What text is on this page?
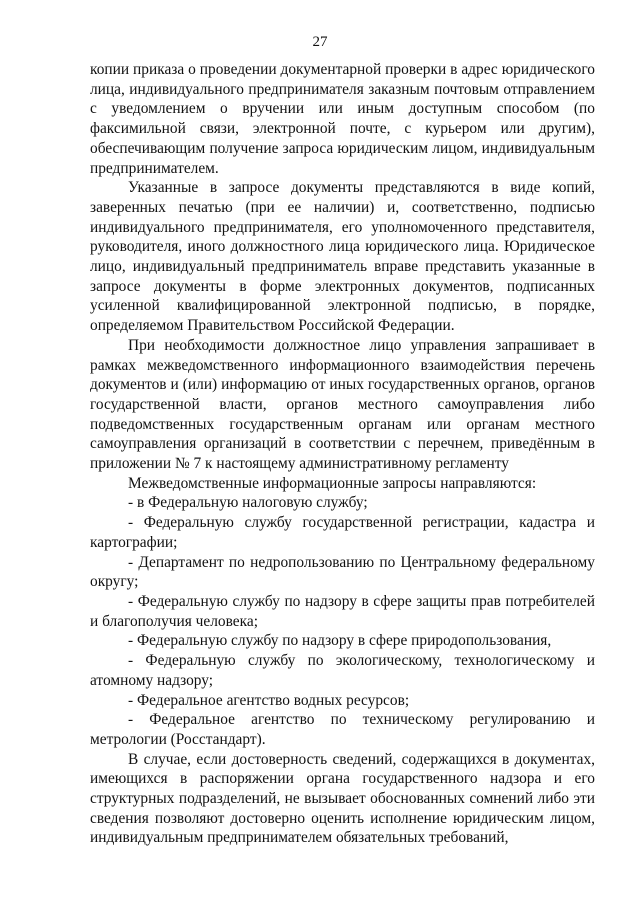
27

копии приказа о проведении документарной проверки в адрес юридического лица, индивидуального предпринимателя заказным почтовым отправлением с уведомлением о вручении или иным доступным способом (по факсимильной связи, электронной почте, с курьером или другим), обеспечивающим получение запроса юридическим лицом, индивидуальным предпринимателем.

Указанные в запросе документы представляются в виде копий, заверенных печатью (при ее наличии) и, соответственно, подписью индивидуального предпринимателя, его уполномоченного представителя, руководителя, иного должностного лица юридического лица. Юридическое лицо, индивидуальный предприниматель вправе представить указанные в запросе документы в форме электронных документов, подписанных усиленной квалифицированной электронной подписью, в порядке, определяемом Правительством Российской Федерации.

При необходимости должностное лицо управления запрашивает в рамках межведомственного информационного взаимодействия перечень документов и (или) информацию от иных государственных органов, органов государственной власти, органов местного самоуправления либо подведомственных государственным органам или органам местного самоуправления организаций в соответствии с перечнем, приведённым в приложении № 7 к настоящему административному регламенту

Межведомственные информационные запросы направляются:

- в Федеральную налоговую службу;

- Федеральную службу государственной регистрации, кадастра и картографии;

- Департамент по недропользованию по Центральному федеральному округу;

- Федеральную службу по надзору в сфере защиты прав потребителей и благополучия человека;

- Федеральную службу по надзору в сфере природопользования,

- Федеральную службу по экологическому, технологическому и атомному надзору;

- Федеральное агентство водных ресурсов;

- Федеральное агентство по техническому регулированию и метрологии (Росстандарт).

В случае, если достоверность сведений, содержащихся в документах, имеющихся в распоряжении органа государственного надзора и его структурных подразделений, не вызывает обоснованных сомнений либо эти сведения позволяют достоверно оценить исполнение юридическим лицом, индивидуальным предпринимателем обязательных требований,
